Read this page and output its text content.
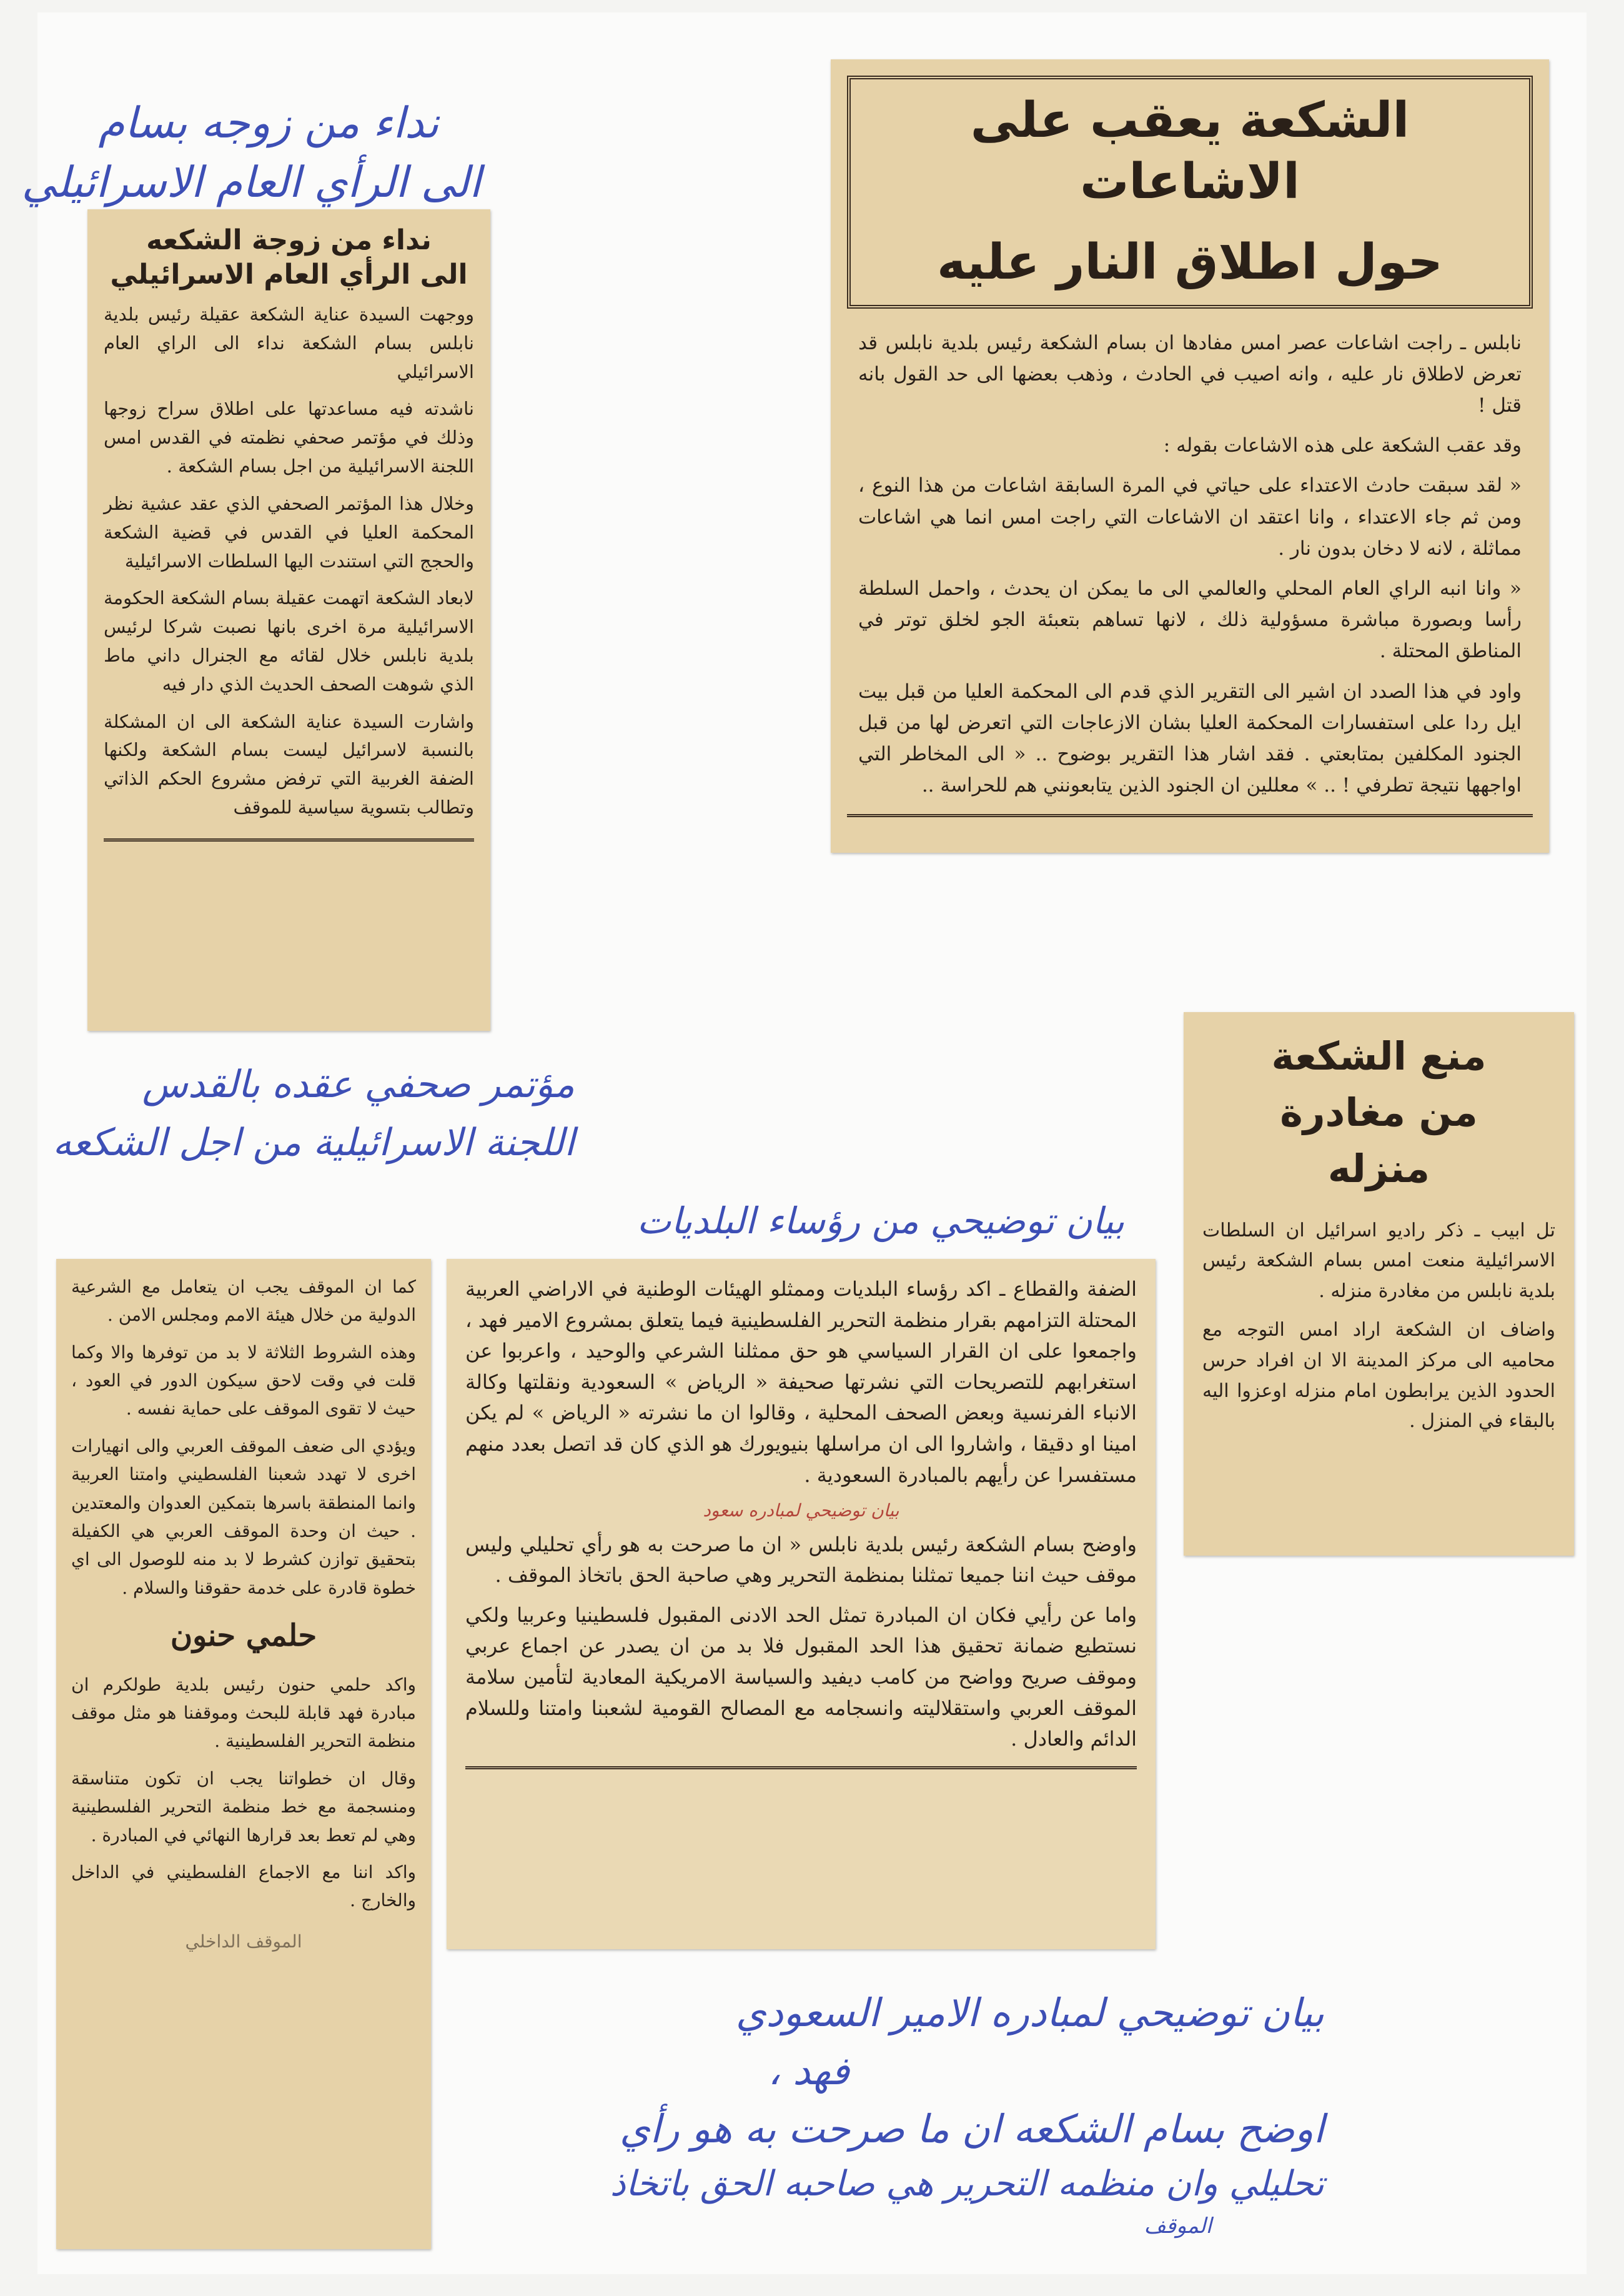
نداء من زوجه بسام
الى الرأي العام الاسرائيلي
الشكعة يعقب على الاشاعات
حول اطلاق النار عليه

نابلس ـ راجت اشاعات عصر امس مفادها ان بسام الشكعة رئيس بلدية نابلس قد تعرض لاطلاق نار عليه ، وانه اصيب في الحادث ، وذهب بعضها الى حد القول بانه قتل !

وقد عقب الشكعة على هذه الاشاعات بقوله :

« لقد سبقت حادث الاعتداء على حياتي في المرة السابقة اشاعات من هذا النوع ، ومن ثم جاء الاعتداء ، وانا اعتقد ان الاشاعات التي راجت امس انما هي اشاعات مماثلة ، لانه لا دخان بدون نار .

« وانا انبه الراي العام المحلي والعالمي الى ما يمكن ان يحدث ، واحمل السلطة رأسا وبصورة مباشرة مسؤولية ذلك ، لانها تساهم بتعبئة الجو لخلق توتر في المناطق المحتلة .

واود في هذا الصدد ان اشير الى التقرير الذي قدم الى المحكمة العليا من قبل بيت ايل ردا على استفسارات المحكمة العليا بشان الازعاجات التي اتعرض لها من قبل الجنود المكلفين بمتابعتي . فقد اشار هذا التقرير بوضوح .. « الى المخاطر التي اواجهها نتيجة تطرفي ! .. » معللين ان الجنود الذين يتابعونني هم للحراسة ..

نداء من زوجة الشكعه
الى الرأي العام الاسرائيلي

ووجهت السيدة عناية الشكعة عقيلة رئيس بلدية نابلس بسام الشكعة نداء الى الراي العام الاسرائيلي

ناشدته فيه مساعدتها على اطلاق سراح زوجها وذلك في مؤتمر صحفي نظمته في القدس امس اللجنة الاسرائيلية من اجل بسام الشكعة .

وخلال هذا المؤتمر الصحفي الذي عقد عشية نظر المحكمة العليا في القدس في قضية الشكعة والحجج التي استندت اليها السلطات الاسرائيلية

لابعاد الشكعة اتهمت عقيلة بسام الشكعة الحكومة الاسرائيلية مرة اخرى بانها نصبت شركا لرئيس بلدية نابلس خلال لقائه مع الجنرال داني ماط الذي شوهت الصحف الحديث الذي دار فيه

واشارت السيدة عناية الشكعة الى ان المشكلة بالنسبة لاسرائيل ليست بسام الشكعة ولكنها الضفة الغربية التي ترفض مشروع الحكم الذاتي وتطالب بتسوية سياسية للموقف

مؤتمر صحفي عقده بالقدس
اللجنة الاسرائيلية من اجل الشكعه
منع الشكعة
من مغادرة
منزله

تل ابيب ـ ذكر راديو اسرائيل ان السلطات الاسرائيلية منعت امس بسام الشكعة رئيس بلدية نابلس من مغادرة منزله .

واضاف ان الشكعة اراد امس التوجه مع محاميه الى مركز المدينة الا ان افراد حرس الحدود الذين يرابطون امام منزله اوعزوا اليه بالبقاء في المنزل .

بيان توضيحي من رؤساء البلديات

الضفة والقطاع ـ اكد رؤساء البلديات وممثلو الهيئات الوطنية في الاراضي العربية المحتلة التزامهم بقرار منظمة التحرير الفلسطينية فيما يتعلق بمشروع الامير فهد ، واجمعوا على ان القرار السياسي هو حق ممثلنا الشرعي والوحيد ، واعربوا عن استغرابهم للتصريحات التي نشرتها صحيفة « الرياض » السعودية ونقلتها وكالة الانباء الفرنسية وبعض الصحف المحلية ، وقالوا ان ما نشرته « الرياض » لم يكن امينا او دقيقا ، واشاروا الى ان مراسلها بنيويورك هو الذي كان قد اتصل بعدد منهم مستفسرا عن رأيهم بالمبادرة السعودية .

بيان توضيحي لمبادره سعود

واوضح بسام الشكعة رئيس بلدية نابلس « ان ما صرحت به هو رأي تحليلي وليس موقف حيث اننا جميعا تمثلنا بمنظمة التحرير وهي صاحبة الحق باتخاذ الموقف .

واما عن رأيي فكان ان المبادرة تمثل الحد الادنى المقبول فلسطينيا وعربيا ولكي نستطيع ضمانة تحقيق هذا الحد المقبول فلا بد من ان يصدر عن اجماع عربي وموقف صريح وواضح من كامب ديفيد والسياسة الامريكية المعادية لتأمين سلامة الموقف العربي واستقلاليته وانسجامه مع المصالح القومية لشعبنا وامتنا وللسلام الدائم والعادل .

كما ان الموقف يجب ان يتعامل مع الشرعية الدولية من خلال هيئة الامم ومجلس الامن .

وهذه الشروط الثلاثة لا بد من توفرها والا وكما قلت في وقت لاحق سيكون الدور في العود ، حيث لا تقوى الموقف على حماية نفسه .

ويؤدي الى ضعف الموقف العربي والى انهيارات اخرى لا تهدد شعبنا الفلسطيني وامتنا العربية وانما المنطقة باسرها بتمكين العدوان والمعتدين . حيث ان وحدة الموقف العربي هي الكفيلة بتحقيق توازن كشرط لا بد منه للوصول الى اي خطوة قادرة على خدمة حقوقنا والسلام .

حلمي حنون

واكد حلمي حنون رئيس بلدية طولكرم ان مبادرة فهد قابلة للبحث وموقفنا هو مثل موقف منظمة التحرير الفلسطينية .

وقال ان خطواتنا يجب ان تكون متناسقة ومنسجمة مع خط منظمة التحرير الفلسطينية وهي لم تعط بعد قرارها النهائي في المبادرة .

واكد اننا مع الاجماع الفلسطيني في الداخل والخارج .

الموقف الداخلي
بيان توضيحي لمبادره الامير السعودي
فهد ،
اوضح بسام الشكعه ان ما صرحت به هو رأي
تحليلي وان منظمه التحرير هي صاحبه الحق باتخاذ
الموقف
